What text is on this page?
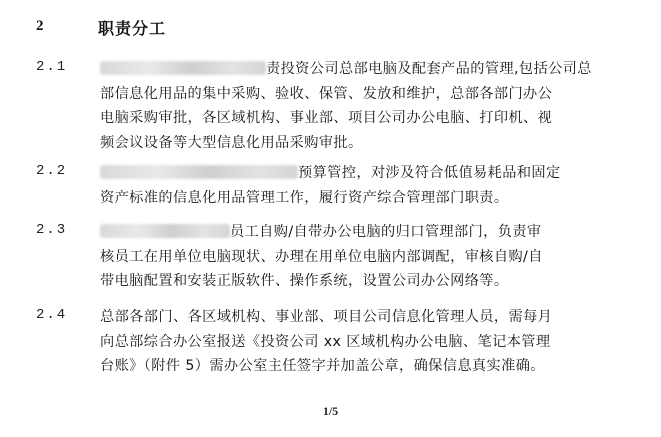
2	职责分工
2.1	责投资公司总部电脑及配套产品的管理,包括公司总
部信息化用品的集中采购、验收、保管、发放和维护，总部各部门办公
电脑采购审批，各区域机构、事业部、项目公司办公电脑、打印机、视
频会议设备等大型信息化用品采购审批。
2.2	预算管控，对涉及符合低值易耗品和固定
资产标准的信息化用品管理工作，履行资产综合管理部门职责。
2.3	员工自购/自带办公电脑的归口管理部门，负责审
核员工在用单位电脑现状、办理在用单位电脑内部调配，审核自购/自
带电脑配置和安装正版软件、操作系统，设置公司办公网络等。
2.4 总部各部门、各区域机构、事业部、项目公司信息化管理人员，需每月
向总部综合办公室报送《投资公司 xx 区域机构办公电脑、笔记本管理
台账》（附件 5）需办公室主任签字并加盖公章，确保信息真实准确。
1/5
